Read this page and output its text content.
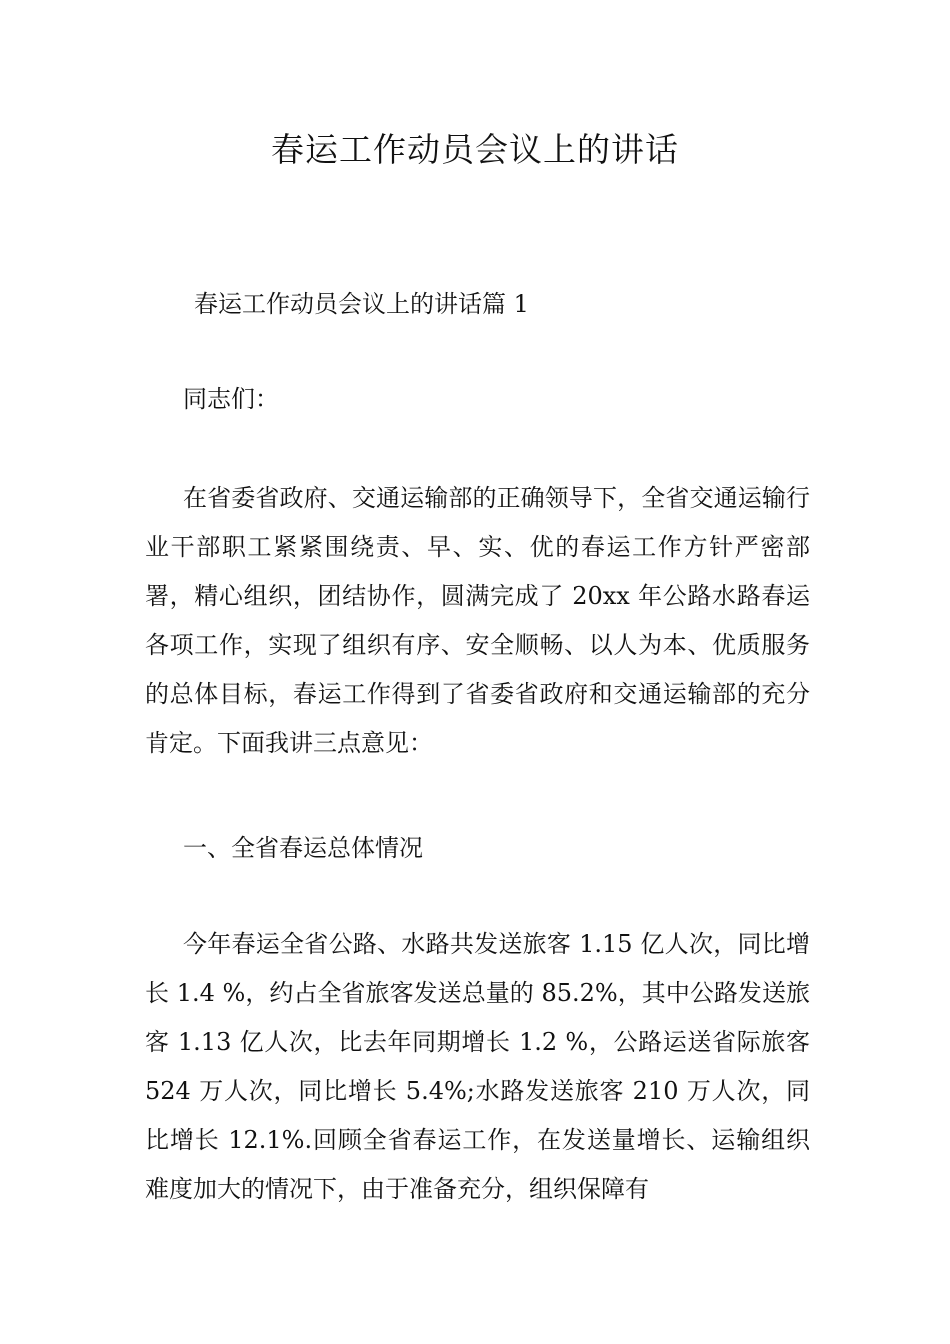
春运工作动员会议上的讲话

春运工作动员会议上的讲话篇 1

同志们：

在省委省政府、交通运输部的正确领导下，全省交通运输行业干部职工紧紧围绕责、早、实、优的春运工作方针严密部署，精心组织，团结协作，圆满完成了 20xx 年公路水路春运各项工作，实现了组织有序、安全顺畅、以人为本、优质服务的总体目标，春运工作得到了省委省政府和交通运输部的充分肯定。下面我讲三点意见：

一、全省春运总体情况

今年春运全省公路、水路共发送旅客 1.15 亿人次，同比增长 1.4 %，约占全省旅客发送总量的 85.2%，其中公路发送旅客 1.13 亿人次，比去年同期增长 1.2 %，公路运送省际旅客 524 万人次，同比增长 5.4%;水路发送旅客 210 万人次，同比增长 12.1%.回顾全省春运工作，在发送量增长、运输组织难度加大的情况下，由于准备充分，组织保障有
